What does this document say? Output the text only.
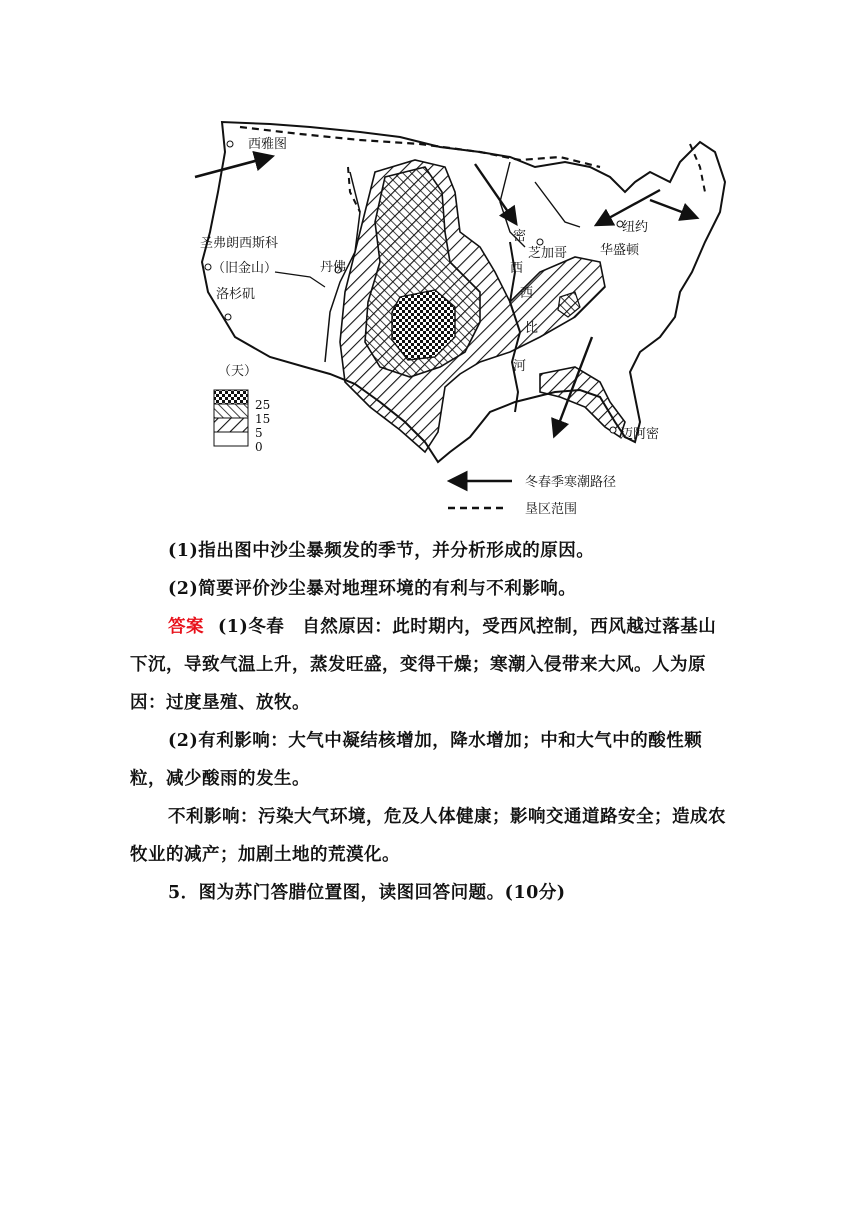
西雅图
圣弗朗西斯科
（旧金山）
洛杉矶
丹佛
芝加哥
纽约
华盛顿
迈阿密
密
西
西
比
河
（天）
25
15
5
0
冬春季寒潮路径
垦区范围
(1)指出图中沙尘暴频发的季节，并分析形成的原因。
(2)简要评价沙尘暴对地理环境的有利与不利影响。
答案 (1)冬春　自然原因：此时期内，受西风控制，西风越过落基山下沉，导致气温上升，蒸发旺盛，变得干燥；寒潮入侵带来大风。人为原因：过度垦殖、放牧。
(2)有利影响：大气中凝结核增加，降水增加；中和大气中的酸性颗粒，减少酸雨的发生。
不利影响：污染大气环境，危及人体健康；影响交通道路安全；造成农牧业的减产；加剧土地的荒漠化。
5．图为苏门答腊位置图，读图回答问题。(10分)
